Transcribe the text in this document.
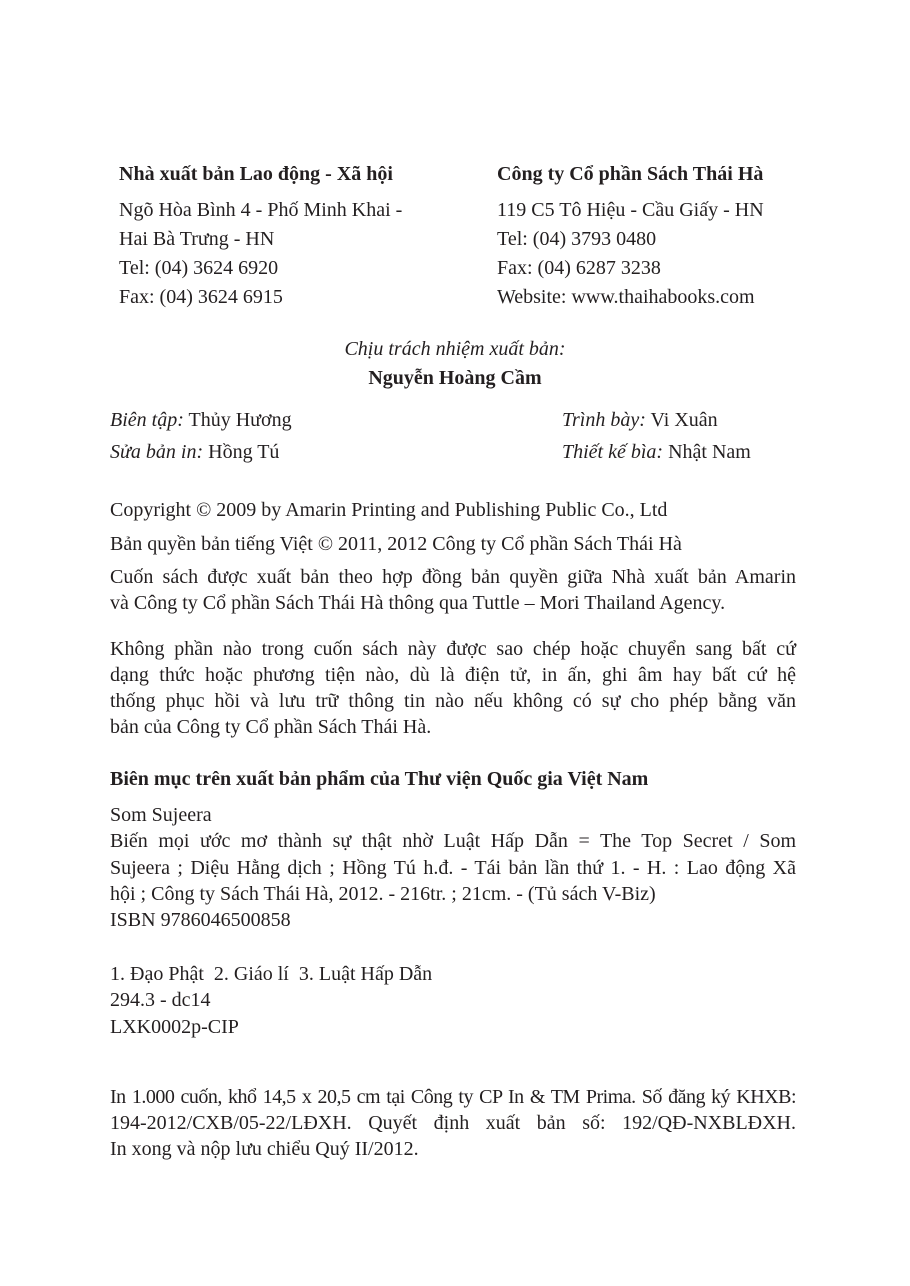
Nhà xuất bản Lao động - Xã hội
Ngõ Hòa Bình 4 - Phố Minh Khai -
Hai Bà Trưng - HN
Tel: (04) 3624 6920
Fax: (04) 3624 6915
Công ty Cổ phần Sách Thái Hà
119 C5 Tô Hiệu - Cầu Giấy - HN
Tel: (04) 3793 0480
Fax: (04) 6287 3238
Website: www.thaihabooks.com
Chịu trách nhiệm xuất bản:
Nguyễn Hoàng Cầm
Biên tập: Thủy Hương	Trình bày: Vi Xuân
Sửa bản in: Hồng Tú	Thiết kế bìa: Nhật Nam
Copyright © 2009 by Amarin Printing and Publishing Public Co., Ltd
Bản quyền bản tiếng Việt © 2011, 2012 Công ty Cổ phần Sách Thái Hà
Cuốn sách được xuất bản theo hợp đồng bản quyền giữa Nhà xuất bản Amarin
và Công ty Cổ phần Sách Thái Hà thông qua Tuttle – Mori Thailand Agency.
Không phần nào trong cuốn sách này được sao chép hoặc chuyển sang bất cứ
dạng thức hoặc phương tiện nào, dù là điện tử, in ấn, ghi âm hay bất cứ hệ
thống phục hồi và lưu trữ thông tin nào nếu không có sự cho phép bằng văn
bản của Công ty Cổ phần Sách Thái Hà.
Biên mục trên xuất bản phẩm của Thư viện Quốc gia Việt Nam
Som Sujeera
Biến mọi ước mơ thành sự thật nhờ Luật Hấp Dẫn = The Top Secret / Som
Sujeera ; Diệu Hằng dịch ; Hồng Tú h.đ. - Tái bản lần thứ 1. - H. : Lao động Xã
hội ; Công ty Sách Thái Hà, 2012. - 216tr. ; 21cm. - (Tủ sách V-Biz)
ISBN 9786046500858
1. Đạo Phật  2. Giáo lí  3. Luật Hấp Dẫn
294.3 - dc14
LXK0002p-CIP
In 1.000 cuốn, khổ 14,5 x 20,5 cm tại Công ty CP In & TM Prima. Số đăng ký KHXB:
194-2012/CXB/05-22/LĐXH. Quyết định xuất bản số: 192/QĐ-NXBLĐXH.
In xong và nộp lưu chiểu Quý II/2012.
